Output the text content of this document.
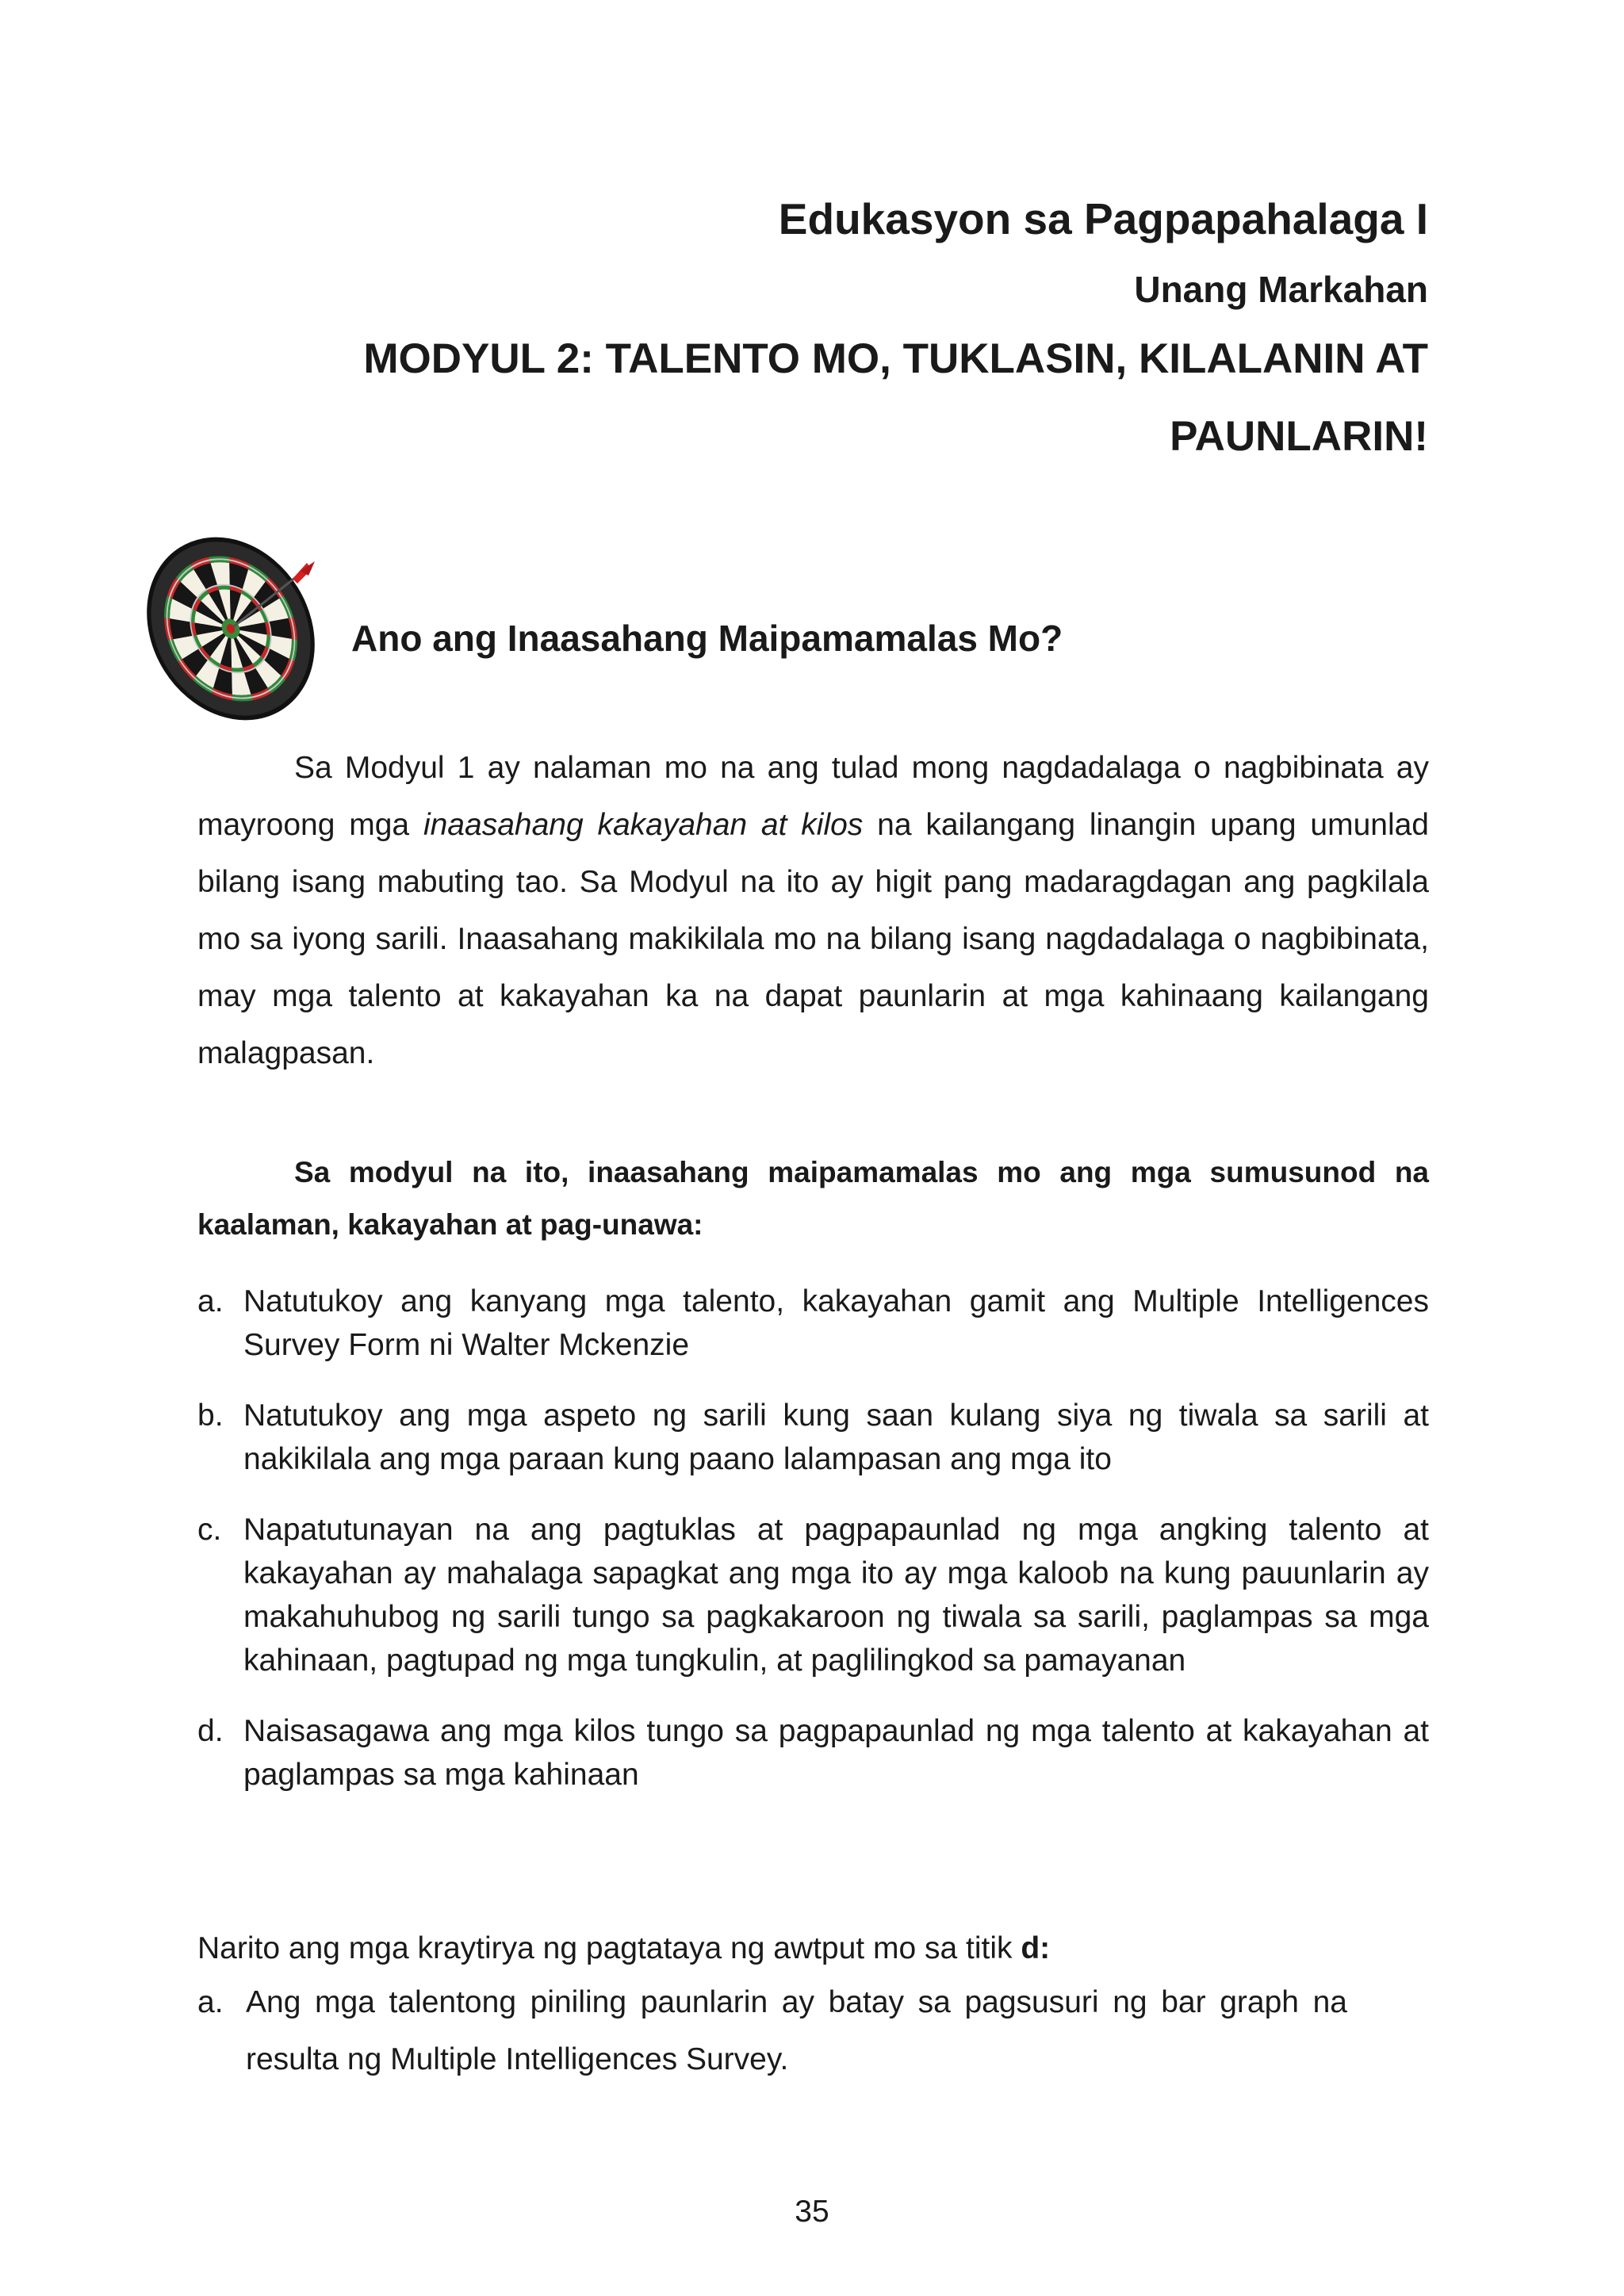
Edukasyon sa Pagpapahalaga I
Unang Markahan
MODYUL 2: TALENTO MO, TUKLASIN, KILALANIN AT
PAUNLARIN!
Ano ang Inaasahang Maipamamalas Mo?

Sa Modyul 1 ay nalaman mo na ang tulad mong nagdadalaga o nagbibinata ay mayroong mga inaasahang kakayahan at kilos na kailangang linangin upang umunlad bilang isang mabuting tao. Sa Modyul na ito ay higit pang madaragdagan ang pagkilala mo sa iyong sarili. Inaasahang makikilala mo na bilang isang nagdadalaga o nagbibinata, may mga talento at kakayahan ka na dapat paunlarin at mga kahinaang kailangang malagpasan.

Sa modyul na ito, inaasahang maipamamalas mo ang mga sumusunod na kaalaman, kakayahan at pag-unawa:

a. Natutukoy ang kanyang mga talento, kakayahan gamit ang Multiple Intelligences Survey Form ni Walter Mckenzie
b. Natutukoy ang mga aspeto ng sarili kung saan kulang siya ng tiwala sa sarili at nakikilala ang mga paraan kung paano lalampasan ang mga ito
c. Napatutunayan na ang pagtuklas at pagpapaunlad ng mga angking talento at kakayahan ay mahalaga sapagkat ang mga ito ay mga kaloob na kung pauunlarin ay makahuhubog ng sarili tungo sa pagkakaroon ng tiwala sa sarili, paglampas sa mga kahinaan, pagtupad ng mga tungkulin, at paglilingkod sa pamayanan
d. Naisasagawa ang mga kilos tungo sa pagpapaunlad ng mga talento at kakayahan at paglampas sa mga kahinaan
Narito ang mga kraytirya ng pagtataya ng awtput mo sa titik d:
a. Ang mga talentong piniling paunlarin ay batay sa pagsusuri ng bar graph na resulta ng Multiple Intelligences Survey.
35
